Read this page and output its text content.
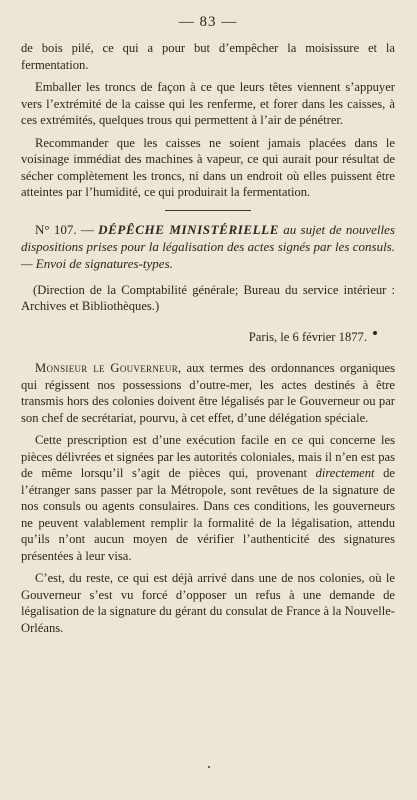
— 83 —

de bois pilé, ce qui a pour but d’empêcher la moisissure et la fermentation.

Emballer les troncs de façon à ce que leurs têtes viennent s’appuyer vers l’extrémité de la caisse qui les renferme, et forer dans les caisses, à ces extrémités, quelques trous qui permettent à l’air de pénétrer.

Recommander que les caisses ne soient jamais placées dans le voisinage immédiat des machines à vapeur, ce qui aurait pour résultat de sécher complètement les troncs, ni dans un endroit où elles puissent être atteintes par l’humidité, ce qui produirait la fermentation.

N° 107. — DÉPÊCHE MINISTÉRIELLE au sujet de nouvelles dispositions prises pour la légalisation des actes signés par les consuls. — Envoi de signatures-types.

(Direction de la Comptabilité générale; Bureau du service intérieur : Archives et Bibliothèques.)

Paris, le 6 février 1877.

Monsieur le Gouverneur, aux termes des ordonnances organiques qui régissent nos possessions d’outre-mer, les actes destinés à être transmis hors des colonies doivent être légalisés par le Gouverneur ou par son chef de secrétariat, pourvu, à cet effet, d’une délégation spéciale.

Cette prescription est d’une exécution facile en ce qui concerne les pièces délivrées et signées par les autorités coloniales, mais il n’en est pas de même lorsqu’il s’agit de pièces qui, provenant directement de l’étranger sans passer par la Métropole, sont revêtues de la signature de nos consuls ou agents consulaires. Dans ces conditions, les gouverneurs ne peuvent valablement remplir la formalité de la légalisation, attendu qu’ils n’ont aucun moyen de vérifier l’authenticité des signatures présentées à leur visa.

C’est, du reste, ce qui est déjà arrivé dans une de nos colonies, où le Gouverneur s’est vu forcé d’opposer un refus à une demande de légalisation de la signature du gérant du consulat de France à la Nouvelle-Orléans.
